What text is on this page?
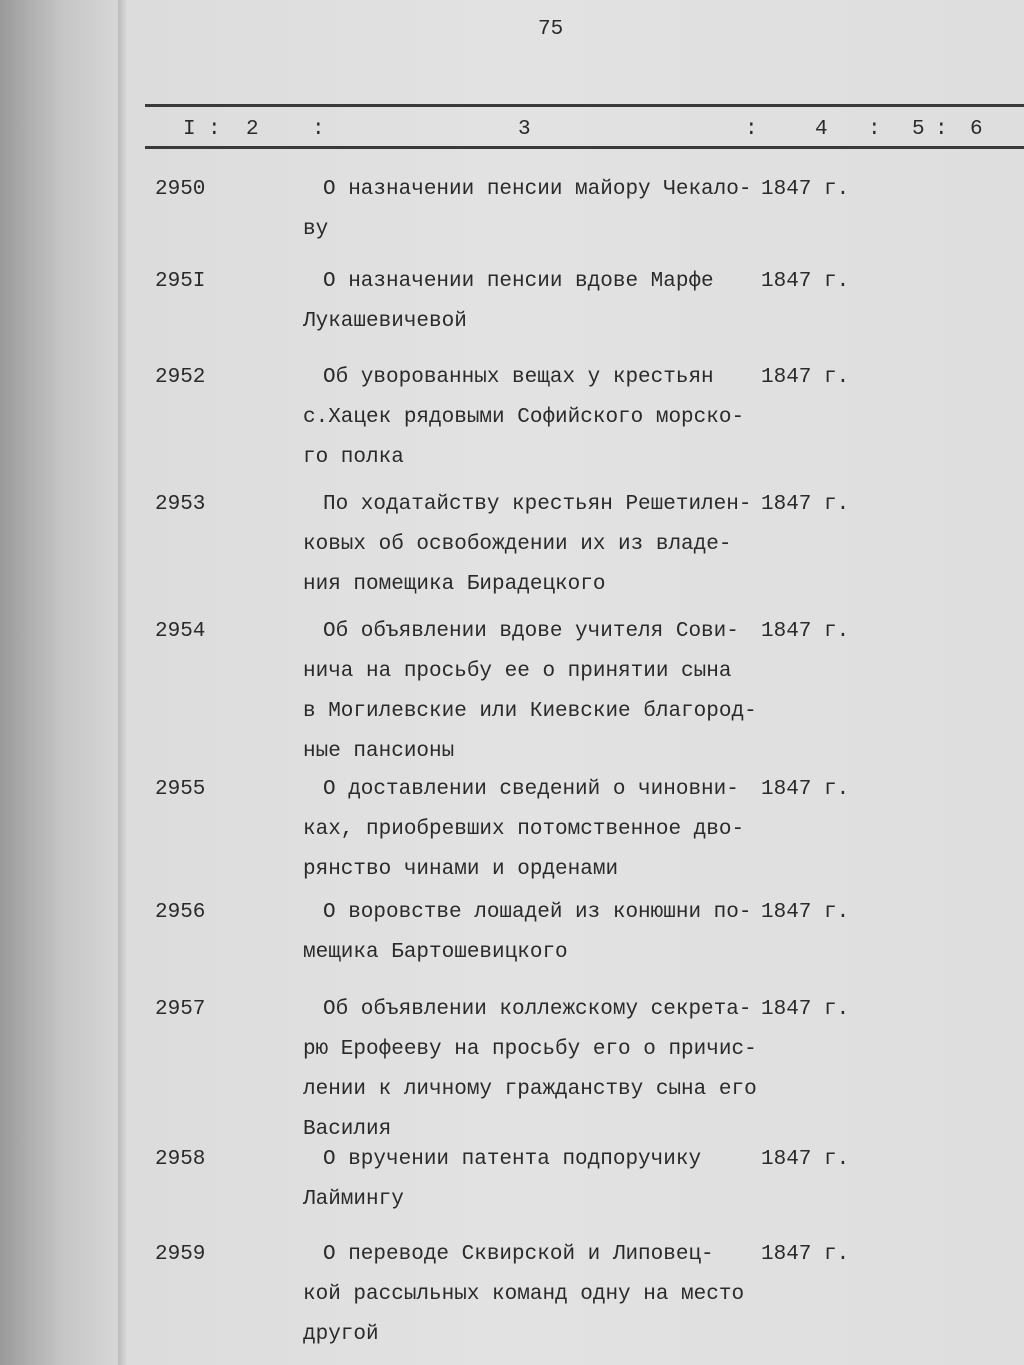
75
I : 2	:	3	:	4 : 5 : 6
2950	О назначении пенсии майору Чекало-
ву
1847 г.
295I	О назначении пенсии вдове Марфе
Лукашевичевой
1847 г.
2952	Об уворованных вещах у крестьян
с.Хацек рядовыми Софийского морско-
го полка
1847 г.
2953	По ходатайству крестьян Решетилен-
ковых об освобождении их из владе-
ния помещика Бирадецкого
1847 г.
2954	Об объявлении вдове учителя Сови-
нича на просьбу ее о принятии сына
в Могилевские или Киевские благород-
ные пансионы
1847 г.
2955	О доставлении сведений о чиновни-
ках, приобревших потомственное дво-
рянство чинами и орденами
1847 г.
2956	О воровстве лошадей из конюшни по-
мещика Бартошевицкого
1847 г.
2957	Об объявлении коллежскому секрета-
рю Ерофееву на просьбу его о причис-
лении к личному гражданству сына его
Василия
1847 г.
2958	О вручении патента подпоручику
Лаймингу
1847 г.
2959	О переводе Сквирской и Липовец-
кой рассыльных команд одну на место
другой
1847 г.
